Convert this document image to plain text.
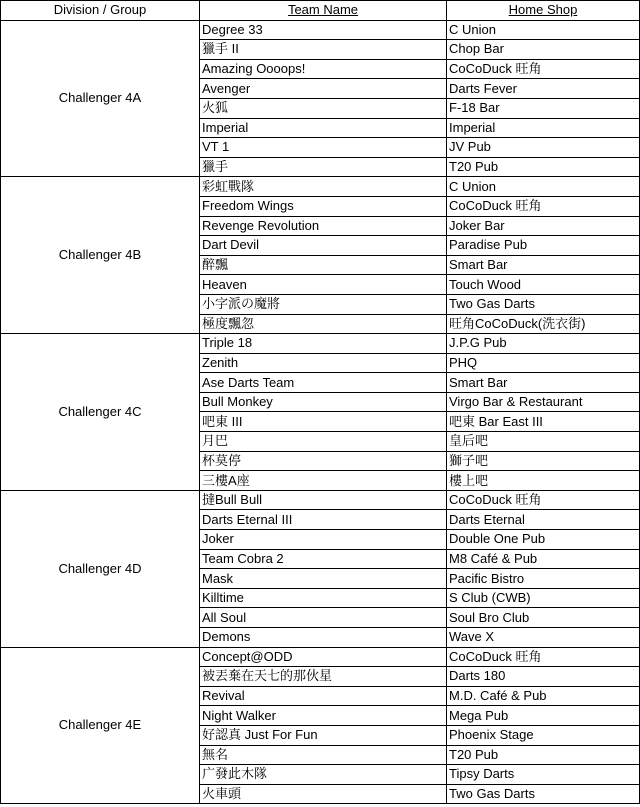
Division / Group	Team Name	Home Shop
Challenger 4A	Degree 33	C Union
	獵手 II	Chop Bar
	Amazing Oooops!	CoCoDuck 旺角
	Avenger	Darts Fever
	火狐	F-18 Bar
	Imperial	Imperial
	VT 1	JV Pub
	獵手	T20 Pub
Challenger 4B	彩虹戰隊	C Union
	Freedom Wings	CoCoDuck 旺角
	Revenge Revolution	Joker Bar
	Dart Devil	Paradise Pub
	醉飄	Smart Bar
	Heaven	Touch Wood
	小字派の魔將	Two Gas Darts
	極度飄忽	旺角CoCoDuck(洗衣街)
Challenger 4C	Triple 18	J.P.G Pub
	Zenith	PHQ
	Ase Darts Team	Smart Bar
	Bull Monkey	Virgo Bar & Restaurant
	吧東 III	吧東 Bar East III
	月巴	皇后吧
	杯莫停	獅子吧
	三樓A座	樓上吧
Challenger 4D	撻Bull Bull	CoCoDuck 旺角
	Darts Eternal III	Darts Eternal
	Joker	Double One Pub
	Team Cobra 2	M8 Café & Pub
	Mask	Pacific Bistro
	Killtime	S Club (CWB)
	All Soul	Soul Bro Club
	Demons	Wave X
Challenger 4E	Concept@ODD	CoCoDuck 旺角
	被丟棄在天七的那伙星	Darts 180
	Revival	M.D. Café & Pub
	Night Walker	Mega Pub
	好認真 Just For Fun	Phoenix Stage
	無名	T20 Pub
	广發此木隊	Tipsy Darts
	火車頭	Two Gas Darts
